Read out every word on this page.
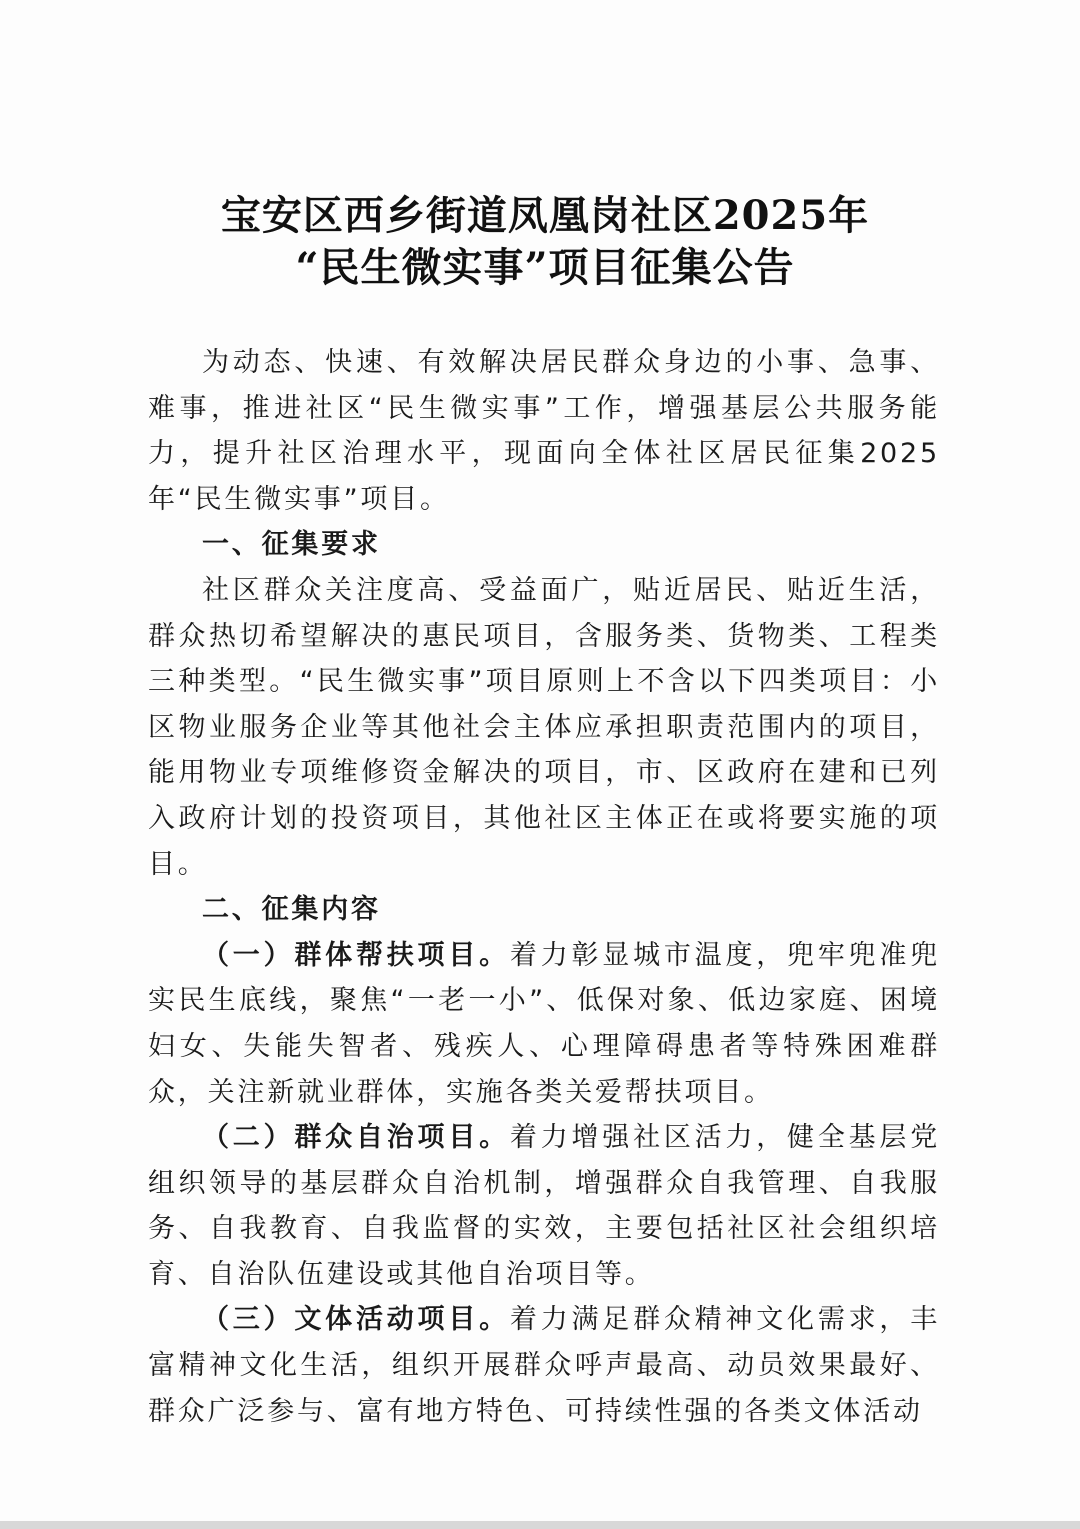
宝安区西乡街道凤凰岗社区2025年

“民生微实事”项目征集公告

为动态、快速、有效解决居民群众身边的小事、急事、难事，推进社区“民生微实事”工作，增强基层公共服务能力，提升社区治理水平，现面向全体社区居民征集2025年“民生微实事”项目。

一、征集要求

社区群众关注度高、受益面广，贴近居民、贴近生活，群众热切希望解决的惠民项目，含服务类、货物类、工程类三种类型。“民生微实事”项目原则上不含以下四类项目：小区物业服务企业等其他社会主体应承担职责范围内的项目，能用物业专项维修资金解决的项目，市、区政府在建和已列入政府计划的投资项目，其他社区主体正在或将要实施的项目。

二、征集内容

（一）群体帮扶项目。着力彰显城市温度，兜牢兜准兜实民生底线，聚焦“一老一小”、低保对象、低边家庭、困境妇女、失能失智者、残疾人、心理障碍患者等特殊困难群众，关注新就业群体，实施各类关爱帮扶项目。

（二）群众自治项目。着力增强社区活力，健全基层党组织领导的基层群众自治机制，增强群众自我管理、自我服务、自我教育、自我监督的实效，主要包括社区社会组织培育、自治队伍建设或其他自治项目等。

（三）文体活动项目。着力满足群众精神文化需求，丰富精神文化生活，组织开展群众呼声最高、动员效果最好、群众广泛参与、富有地方特色、可持续性强的各类文体活动
